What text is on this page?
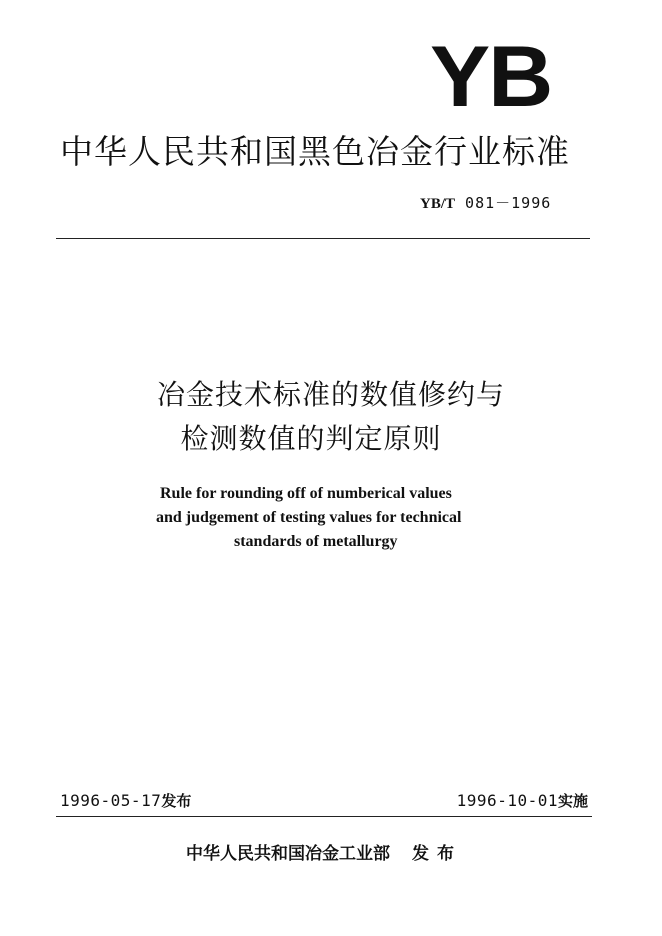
YB
中华人民共和国黑色冶金行业标准
YB/T 081－1996
冶金技术标准的数值修约与
检测数值的判定原则
Rule for rounding off of numberical values
and judgement of testing values for technical
standards of metallurgy
1996-05-17发布	1996-10-01实施
中华人民共和国冶金工业部 发布
